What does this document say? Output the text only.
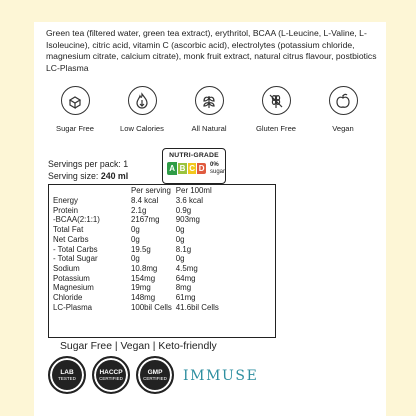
Green tea (filtered water, green tea extract), erythritol, BCAA (L-Leucine, L-Valine, L-Isoleucine), citric acid, vitamin C (ascorbic acid), electrolytes (potassium chloride, magnesium citrate, calcium citrate), monk fruit extract, natural citrus flavour, postbiotics LC-Plasma

Sugar Free	Low Calories	All Natural	Gluten Free	Vegan
Servings per pack: 1
Serving size: 240 ml
NUTRI-GRADE
A B C D 0%
sugar
	Per serving	Per 100ml
Energy	8.4 kcal	3.6 kcal
Protein	2.1g	0.9g
-BCAA(2:1:1)	2167mg	903mg
Total Fat	0g	0g
Net Carbs	0g	0g
- Total Carbs	19.5g	8.1g
- Total Sugar	0g	0g
Sodium	10.8mg	4.5mg
Potassium	154mg	64mg
Magnesium	19mg	8mg
Chloride	148mg	61mg
LC-Plasma	100bil Cells	41.6bil Cells
Sugar Free | Vegan | Keto-friendly
LAB
TESTED
HACCP
CERTIFIED
GMP
CERTIFIED IMMUSE
